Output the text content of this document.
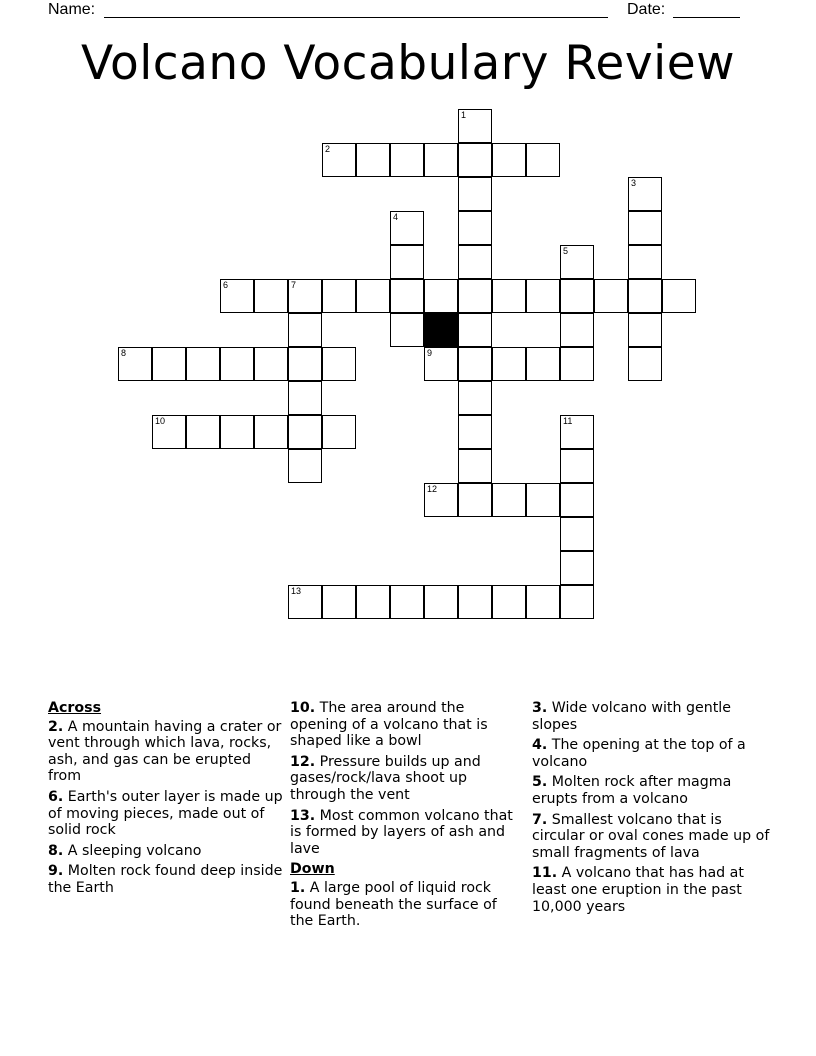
Name:	Date:
Volcano Vocabulary Review
1
2
3
4
5
6	7
8	9
10	11
12
13
Across
2. A mountain having a crater or vent through which lava, rocks, ash, and gas can be erupted from
6. Earth's outer layer is made up of moving pieces, made out of solid rock
8. A sleeping volcano
9. Molten rock found deep inside the Earth
10. The area around the opening of a volcano that is shaped like a bowl
12. Pressure builds up and gases/rock/lava shoot up through the vent
13. Most common volcano that is formed by layers of ash and lave
Down
1. A large pool of liquid rock found beneath the surface of the Earth.
3. Wide volcano with gentle slopes
4. The opening at the top of a volcano
5. Molten rock after magma erupts from a volcano
7. Smallest volcano that is circular or oval cones made up of small fragments of lava
11. A volcano that has had at least one eruption in the past 10,000 years
